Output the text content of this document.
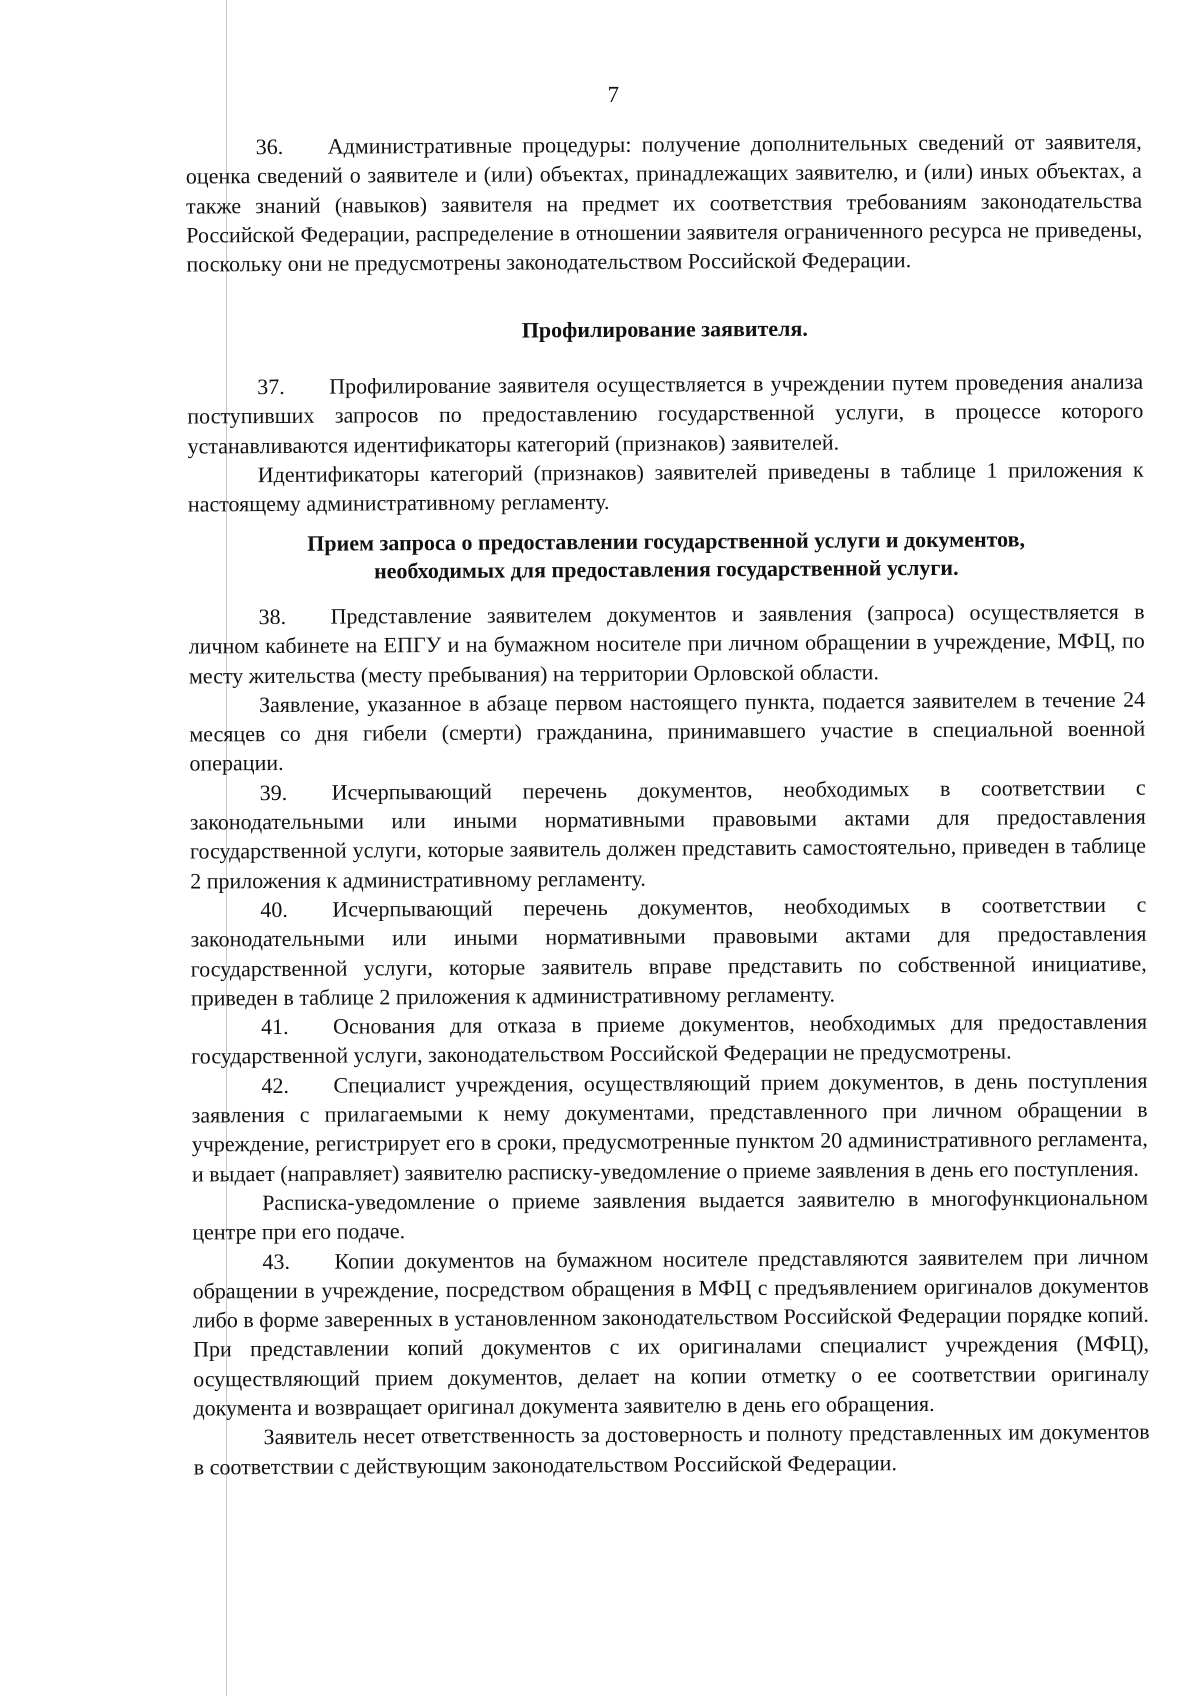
7

36. Административные процедуры: получение дополнительных сведений от заявителя, оценка сведений о заявителе и (или) объектах, принадлежащих заявителю, и (или) иных объектах, а также знаний (навыков) заявителя на предмет их соответствия требованиям законодательства Российской Федерации, распределение в отношении заявителя ограниченного ресурса не приведены, поскольку они не предусмотрены законодательством Российской Федерации.

Профилирование заявителя.

37. Профилирование заявителя осуществляется в учреждении путем проведения анализа поступивших запросов по предоставлению государственной услуги, в процессе которого устанавливаются идентификаторы категорий (признаков) заявителей.

Идентификаторы категорий (признаков) заявителей приведены в таблице 1 приложения к настоящему административному регламенту.

Прием запроса о предоставлении государственной услуги и документов,
необходимых для предоставления государственной услуги.

38. Представление заявителем документов и заявления (запроса) осуществляется в личном кабинете на ЕПГУ и на бумажном носителе при личном обращении в учреждение, МФЦ, по месту жительства (месту пребывания) на территории Орловской области.

Заявление, указанное в абзаце первом настоящего пункта, подается заявителем в течение 24 месяцев со дня гибели (смерти) гражданина, принимавшего участие в специальной военной операции.

39. Исчерпывающий перечень документов, необходимых в соответствии с законодательными или иными нормативными правовыми актами для предоставления государственной услуги, которые заявитель должен представить самостоятельно, приведен в таблице 2 приложения к административному регламенту.

40. Исчерпывающий перечень документов, необходимых в соответствии с законодательными или иными нормативными правовыми актами для предоставления государственной услуги, которые заявитель вправе представить по собственной инициативе, приведен в таблице 2 приложения к административному регламенту.

41. Основания для отказа в приеме документов, необходимых для предоставления государственной услуги, законодательством Российской Федерации не предусмотрены.

42. Специалист учреждения, осуществляющий прием документов, в день поступления заявления с прилагаемыми к нему документами, представленного при личном обращении в учреждение, регистрирует его в сроки, предусмотренные пунктом 20 административного регламента, и выдает (направляет) заявителю расписку-уведомление о приеме заявления в день его поступления.

Расписка-уведомление о приеме заявления выдается заявителю в многофункциональном центре при его подаче.

43. Копии документов на бумажном носителе представляются заявителем при личном обращении в учреждение, посредством обращения в МФЦ с предъявлением оригиналов документов либо в форме заверенных в установленном законодательством Российской Федерации порядке копий. При представлении копий документов с их оригиналами специалист учреждения (МФЦ), осуществляющий прием документов, делает на копии отметку о ее соответствии оригиналу документа и возвращает оригинал документа заявителю в день его обращения.

Заявитель несет ответственность за достоверность и полноту представленных им документов в соответствии с действующим законодательством Российской Федерации.
